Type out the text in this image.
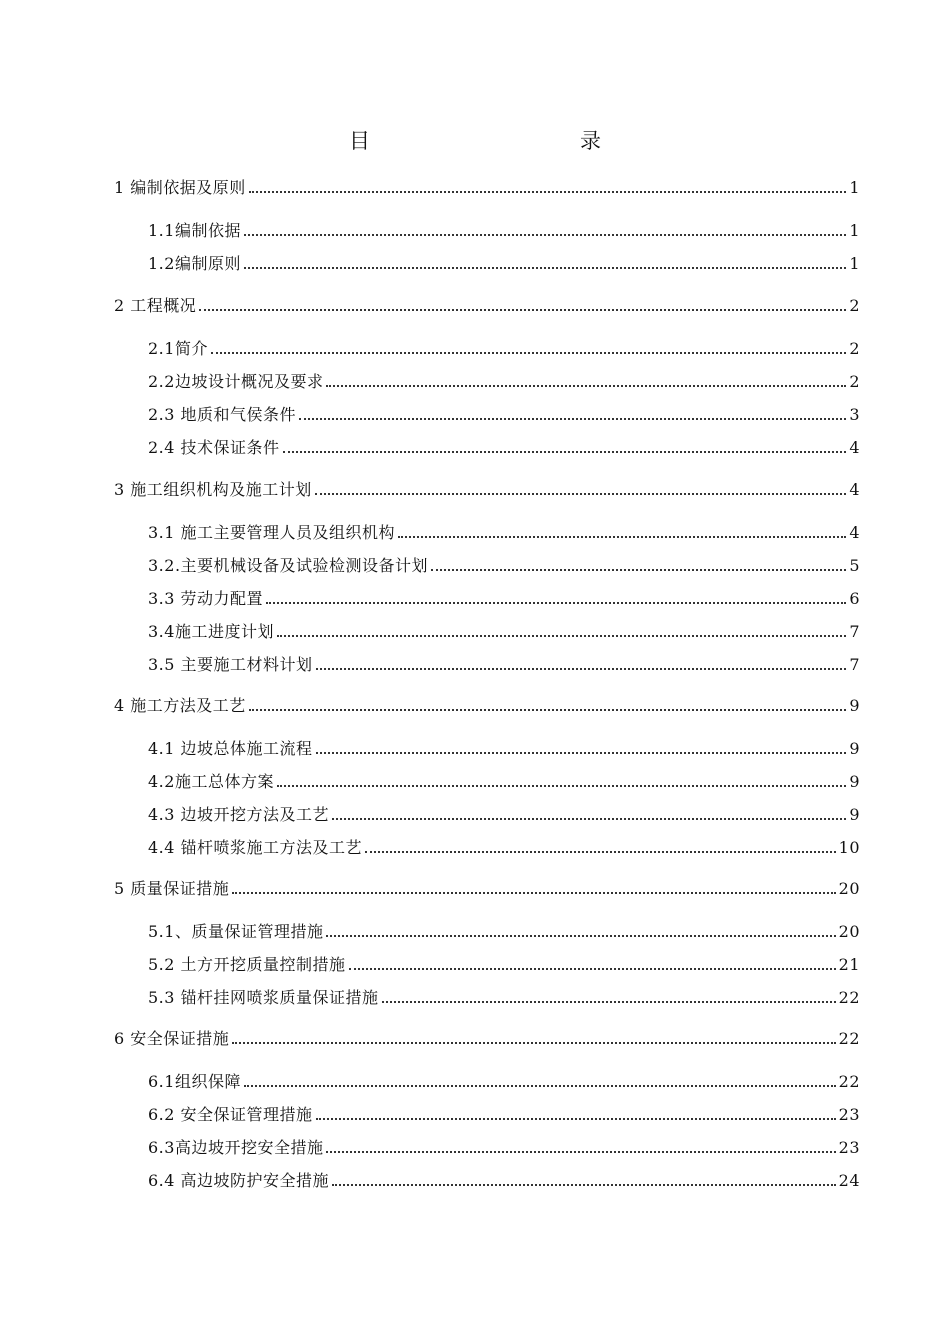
目　　录
1 编制依据及原则	1
1.1编制依据	1
1.2编制原则	1
2 工程概况	2
2.1简介	2
2.2边坡设计概况及要求	2
2.3 地质和气侯条件	3
2.4 技术保证条件	4
3 施工组织机构及施工计划	4
3.1 施工主要管理人员及组织机构	4
3.2.主要机械设备及试验检测设备计划	5
3.3 劳动力配置	6
3.4施工进度计划	7
3.5 主要施工材料计划	7
4 施工方法及工艺	9
4.1 边坡总体施工流程	9
4.2施工总体方案	9
4.3 边坡开挖方法及工艺	9
4.4 锚杆喷浆施工方法及工艺	10
5 质量保证措施	20
5.1、质量保证管理措施	20
5.2 土方开挖质量控制措施	21
5.3 锚杆挂网喷浆质量保证措施	22
6 安全保证措施	22
6.1组织保障	22
6.2 安全保证管理措施	23
6.3高边坡开挖安全措施	23
6.4 高边坡防护安全措施	24
